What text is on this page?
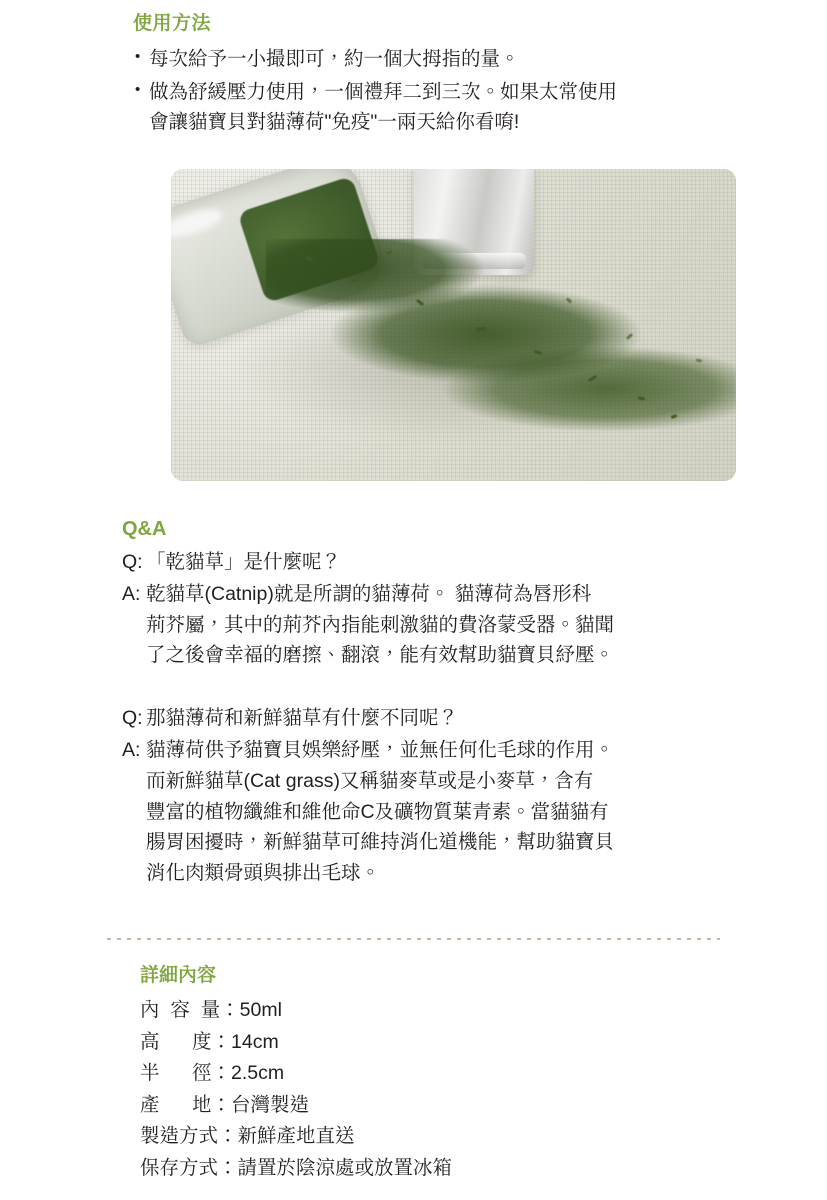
使用方法
• 每次給予一小撮即可，約一個大拇指的量。
• 做為舒緩壓力使用，一個禮拜二到三次。如果太常使用
會讓貓寶貝對貓薄荷"免疫"一兩天給你看唷!
Q&A
Q: 「乾貓草」是什麼呢？
A: 乾貓草(Catnip)就是所謂的貓薄荷。 貓薄荷為唇形科
荊芥屬，其中的荊芥內指能刺激貓的費洛蒙受器。貓聞
了之後會幸福的磨擦、翻滾，能有效幫助貓寶貝紓壓。
Q: 那貓薄荷和新鮮貓草有什麼不同呢？
A: 貓薄荷供予貓寶貝娛樂紓壓，並無任何化毛球的作用。
而新鮮貓草(Cat grass)又稱貓麥草或是小麥草，含有
豐富的植物纖維和維他命C及礦物質葉青素。當貓貓有
腸胃困擾時，新鮮貓草可維持消化道機能，幫助貓寶貝
消化肉類骨頭與排出毛球。
詳細內容
內  容  量：50ml
高      度：14cm
半      徑：2.5cm
產      地：台灣製造
製造方式：新鮮產地直送
保存方式：請置於陰涼處或放置冰箱
